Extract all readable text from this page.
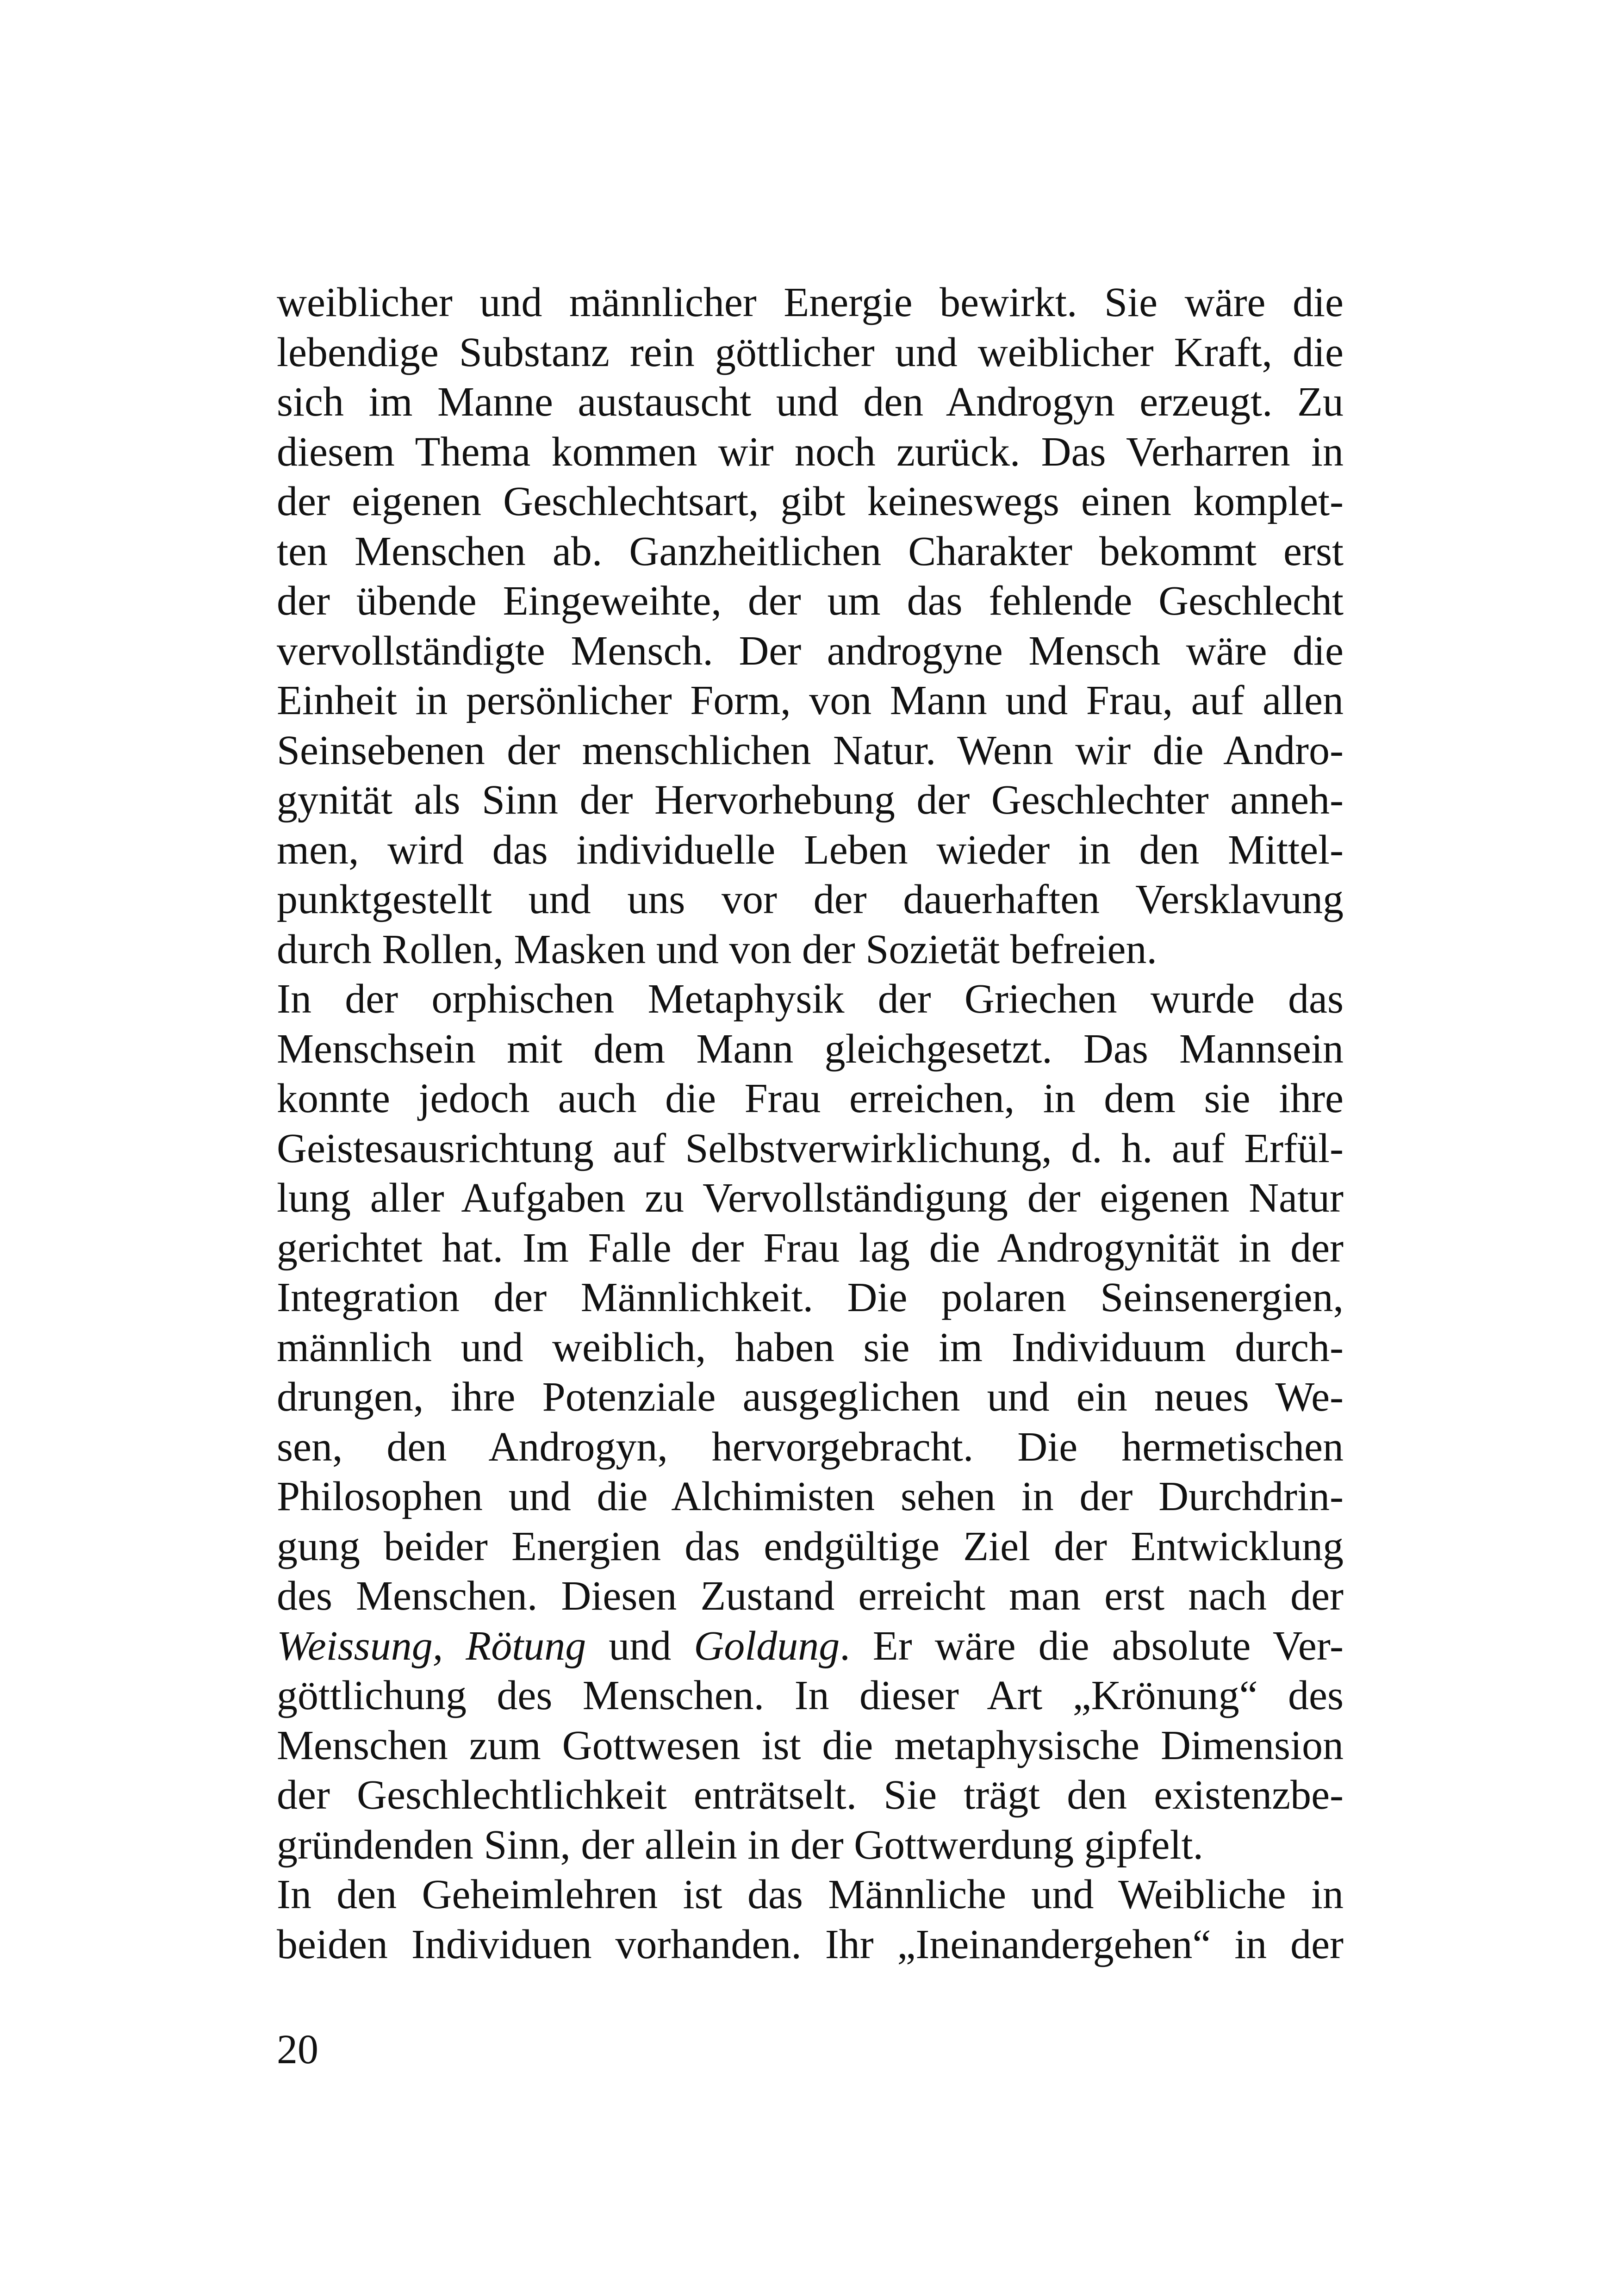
weiblicher und männlicher Energie bewirkt. Sie wäre die
lebendige Substanz rein göttlicher und weiblicher Kraft, die
sich im Manne austauscht und den Androgyn erzeugt. Zu
diesem Thema kommen wir noch zurück. Das Verharren in
der eigenen Geschlechtsart, gibt keineswegs einen komplet-
ten Menschen ab. Ganzheitlichen Charakter bekommt erst
der übende Eingeweihte, der um das fehlende Geschlecht
vervollständigte Mensch. Der androgyne Mensch wäre die
Einheit in persönlicher Form, von Mann und Frau, auf allen
Seinsebenen der menschlichen Natur. Wenn wir die Andro-
gynität als Sinn der Hervorhebung der Geschlechter anneh-
men, wird das individuelle Leben wieder in den Mittel-
punktgestellt und uns vor der dauerhaften Versklavung
durch Rollen, Masken und von der Sozietät befreien.
In der orphischen Metaphysik der Griechen wurde das
Menschsein mit dem Mann gleichgesetzt. Das Mannsein
konnte jedoch auch die Frau erreichen, in dem sie ihre
Geistesausrichtung auf Selbstverwirklichung, d. h. auf Erfül-
lung aller Aufgaben zu Vervollständigung der eigenen Natur
gerichtet hat. Im Falle der Frau lag die Androgynität in der
Integration der Männlichkeit. Die polaren Seinsenergien,
männlich und weiblich, haben sie im Individuum durch-
drungen, ihre Potenziale ausgeglichen und ein neues We-
sen, den Androgyn, hervorgebracht. Die hermetischen
Philosophen und die Alchimisten sehen in der Durchdrin-
gung beider Energien das endgültige Ziel der Entwicklung
des Menschen. Diesen Zustand erreicht man erst nach der
Weissung, Rötung und Goldung. Er wäre die absolute Ver-
göttlichung des Menschen. In dieser Art „Krönung“ des
Menschen zum Gottwesen ist die metaphysische Dimension
der Geschlechtlichkeit enträtselt. Sie trägt den existenzbe-
gründenden Sinn, der allein in der Gottwerdung gipfelt.
In den Geheimlehren ist das Männliche und Weibliche in
beiden Individuen vorhanden. Ihr „Ineinandergehen“ in der
20
